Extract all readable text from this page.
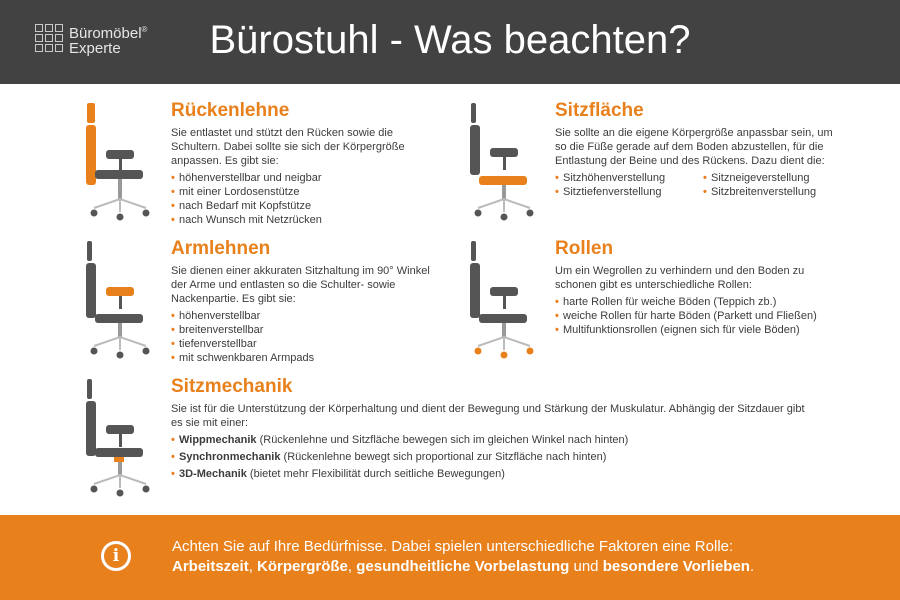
Büromöbel®
Experte	Bürostuhl - Was beachten?
Rückenlehne

Sie entlastet und stützt den Rücken sowie die Schultern. Dabei sollte sie sich der Körpergröße anpassen. Es gibt sie:

• höhenverstellbar und neigbar
• mit einer Lordosenstütze
• nach Bedarf mit Kopfstütze
• nach Wunsch mit Netzrücken
Sitzfläche

Sie sollte an die eigene Körpergröße anpassbar sein, um so die Füße gerade auf dem Boden abzustellen, für die Entlastung der Beine und des Rückens. Dazu dient die:

• Sitzhöhenverstellung
• Sitztiefenverstellung
• Sitzneigeverstellung
• Sitzbreitenverstellung
Armlehnen

Sie dienen einer akkuraten Sitzhaltung im 90° Winkel der Arme und entlasten so die Schulter- sowie Nackenpartie. Es gibt sie:

• höhenverstellbar
• breitenverstellbar
• tiefenverstellbar
• mit schwenkbaren Armpads
Rollen

Um ein Wegrollen zu verhindern und den Boden zu schonen gibt es unterschiedliche Rollen:

• harte Rollen für weiche Böden (Teppich zb.)
• weiche Rollen für harte Böden (Parkett und Fließen)
• Multifunktionsrollen (eignen sich für viele Böden)
Sitzmechanik

Sie ist für die Unterstützung der Körperhaltung und dient der Bewegung und Stärkung der Muskulatur. Abhängig der Sitzdauer gibt es sie mit einer:

• Wippmechanik (Rückenlehne und Sitzfläche bewegen sich im gleichen Winkel nach hinten)
• Synchronmechanik (Rückenlehne bewegt sich proportional zur Sitzfläche nach hinten)
• 3D-Mechanik (bietet mehr Flexibilität durch seitliche Bewegungen)
i	Achten Sie auf Ihre Bedürfnisse. Dabei spielen unterschiedliche Faktoren eine Rolle:
Arbeitszeit, Körpergröße, gesundheitliche Vorbelastung und besondere Vorlieben.
